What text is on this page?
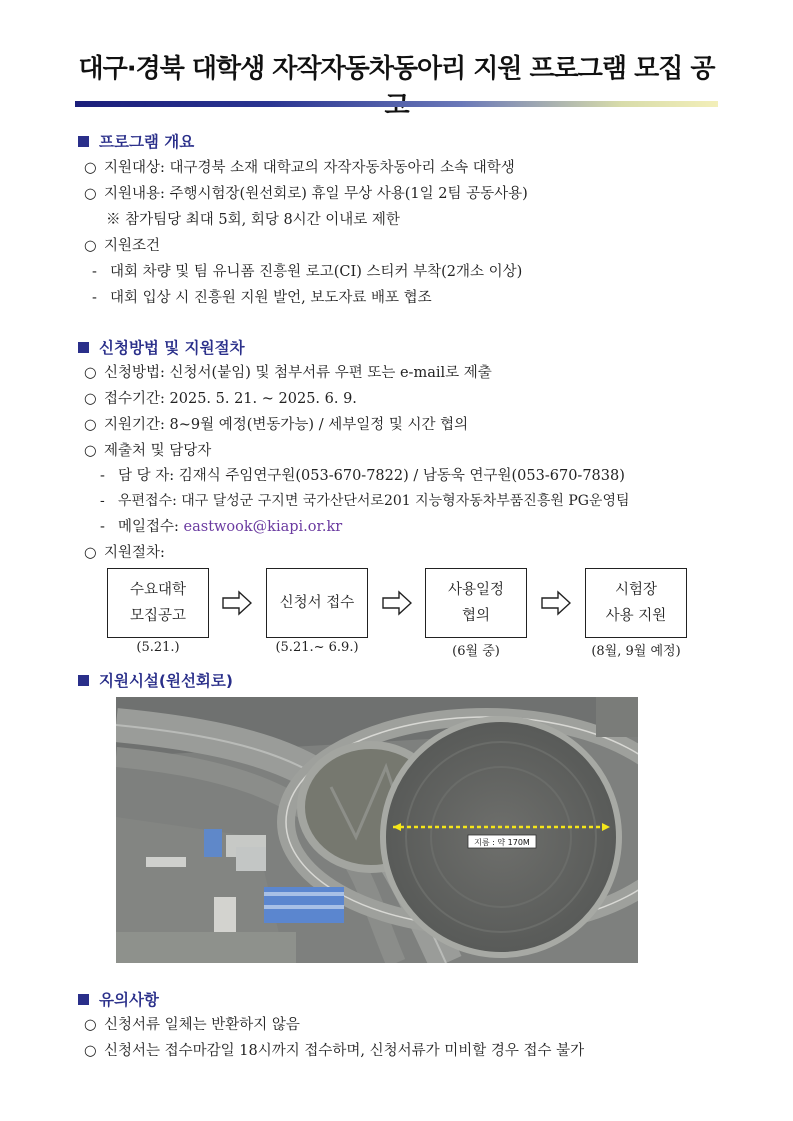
대구·경북 대학생 자작자동차동아리 지원 프로그램 모집 공
프로그램 개요
○ 지원대상: 대구경북 소재 대학교의 자작자동차동아리 소속 대학생
○ 지원내용: 주행시험장(원선회로) 휴일 무상 사용(1일 2팀 공동사용)
※ 참가팀당 최대 5회, 회당 8시간 이내로 제한
○ 지원조건
- 대회 차량 및 팀 유니폼 진흥원 로고(CI) 스티커 부착(2개소 이상)
- 대회 입상 시 진흥원 지원 발언, 보도자료 배포 협조
신청방법 및 지원절차
○ 신청방법: 신청서(붙임) 및 첨부서류 우편 또는 e-mail로 제출
○ 접수기간: 2025. 5. 21. ~ 2025. 6. 9.
○ 지원기간: 8~9월 예정(변동가능) / 세부일정 및 시간 협의
○ 제출처 및 담당자
- 담 당 자: 김재식 주임연구원(053-670-7822) / 남동욱 연구원(053-670-7838)
- 우편접수: 대구 달성군 구지면 국가산단서로201 지능형자동차부품진흥원 PG운영팀
- 메일접수: eastwook@kiapi.or.kr
○ 지원절차:
수요대학
모집공고
(5.21.)
신청서 접수
(5.21.~ 6.9.)
사용일정
협의
(6월 중)
시험장
사용 지원
(8월, 9월 예정)
지원시설(원선회로)
지름 : 약 170M
유의사항
○ 신청서류 일체는 반환하지 않음
○ 신청서는 접수마감일 18시까지 접수하며, 신청서류가 미비할 경우 접수 불가
